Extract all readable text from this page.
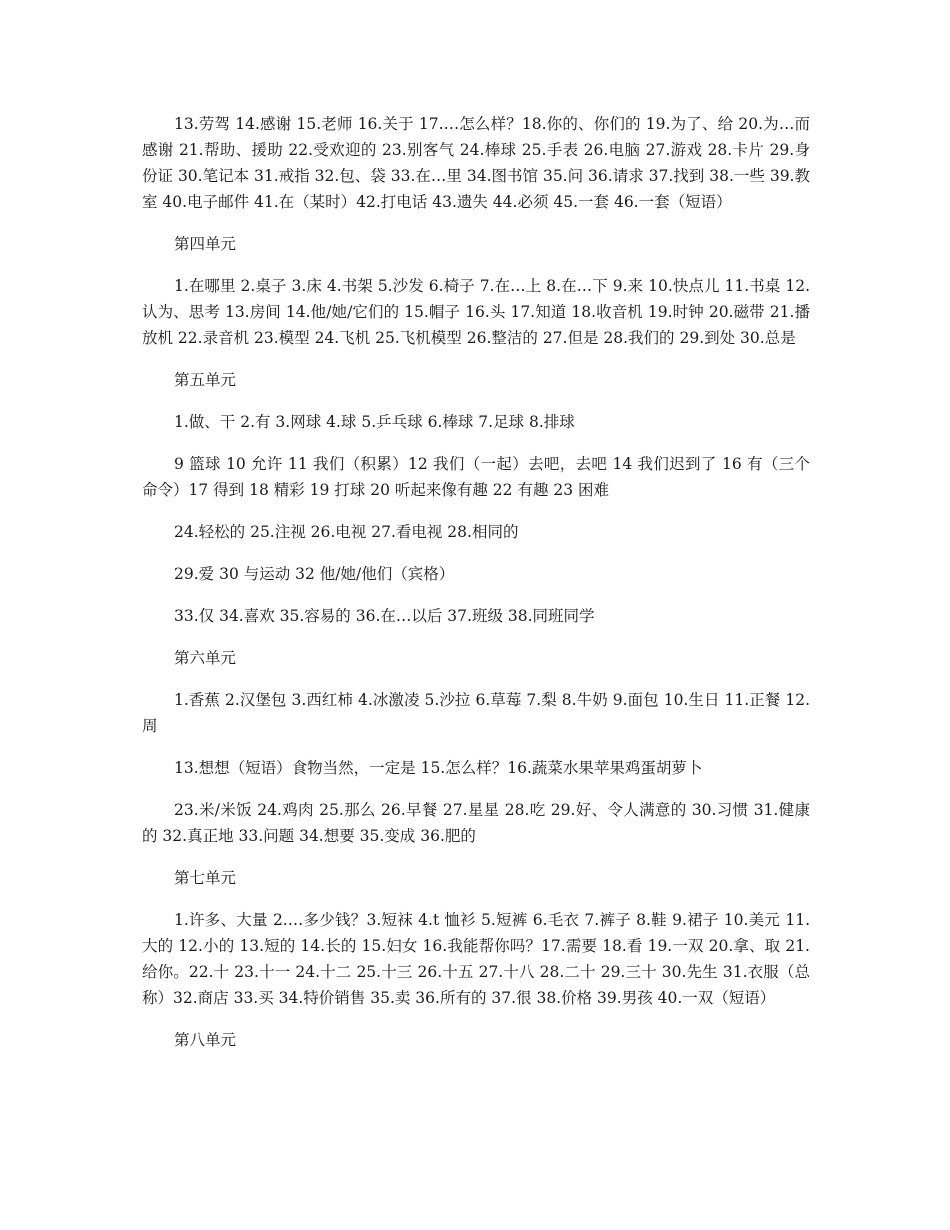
13.劳驾 14.感谢 15.老师 16.关于 17.…怎么样？18.你的、你们的 19.为了、给 20.为…而感谢 21.帮助、援助 22.受欢迎的 23.别客气 24.棒球 25.手表 26.电脑 27.游戏 28.卡片 29.身份证 30.笔记本 31.戒指 32.包、袋 33.在…里 34.图书馆 35.问 36.请求 37.找到 38.一些 39.教室 40.电子邮件 41.在（某时）42.打电话 43.遗失 44.必须 45.一套 46.一套（短语）

第四单元

1.在哪里 2.桌子 3.床 4.书架 5.沙发 6.椅子 7.在…上 8.在…下 9.来 10.快点儿 11.书桌 12.认为、思考 13.房间 14.他/她/它们的 15.帽子 16.头 17.知道 18.收音机 19.时钟 20.磁带 21.播放机 22.录音机 23.模型 24.飞机 25.飞机模型 26.整洁的 27.但是 28.我们的 29.到处 30.总是

第五单元

1.做、干 2.有 3.网球 4.球 5.乒乓球 6.棒球 7.足球 8.排球

9 篮球 10 允许 11 我们（积累）12 我们（一起）去吧，去吧 14 我们迟到了 16 有（三个命令）17 得到 18 精彩 19 打球 20 听起来像有趣 22 有趣 23 困难

24.轻松的 25.注视 26.电视 27.看电视 28.相同的

29.爱 30 与运动 32 他/她/他们（宾格）

33.仅 34.喜欢 35.容易的 36.在…以后 37.班级 38.同班同学

第六单元

1.香蕉 2.汉堡包 3.西红柿 4.冰激凌 5.沙拉 6.草莓 7.梨 8.牛奶 9.面包 10.生日 11.正餐 12.周

13.想想（短语）食物当然，一定是 15.怎么样？16.蔬菜水果苹果鸡蛋胡萝卜

23.米/米饭 24.鸡肉 25.那么 26.早餐 27.星星 28.吃 29.好、令人满意的 30.习惯 31.健康的 32.真正地 33.问题 34.想要 35.变成 36.肥的

第七单元

1.许多、大量 2.…多少钱？3.短袜 4.t 恤衫 5.短裤 6.毛衣 7.裤子 8.鞋 9.裙子 10.美元 11.大的 12.小的 13.短的 14.长的 15.妇女 16.我能帮你吗？17.需要 18.看 19.一双 20.拿、取 21.给你。22.十 23.十一 24.十二 25.十三 26.十五 27.十八 28.二十 29.三十 30.先生 31.衣服（总称）32.商店 33.买 34.特价销售 35.卖 36.所有的 37.很 38.价格 39.男孩 40.一双（短语）

第八单元
